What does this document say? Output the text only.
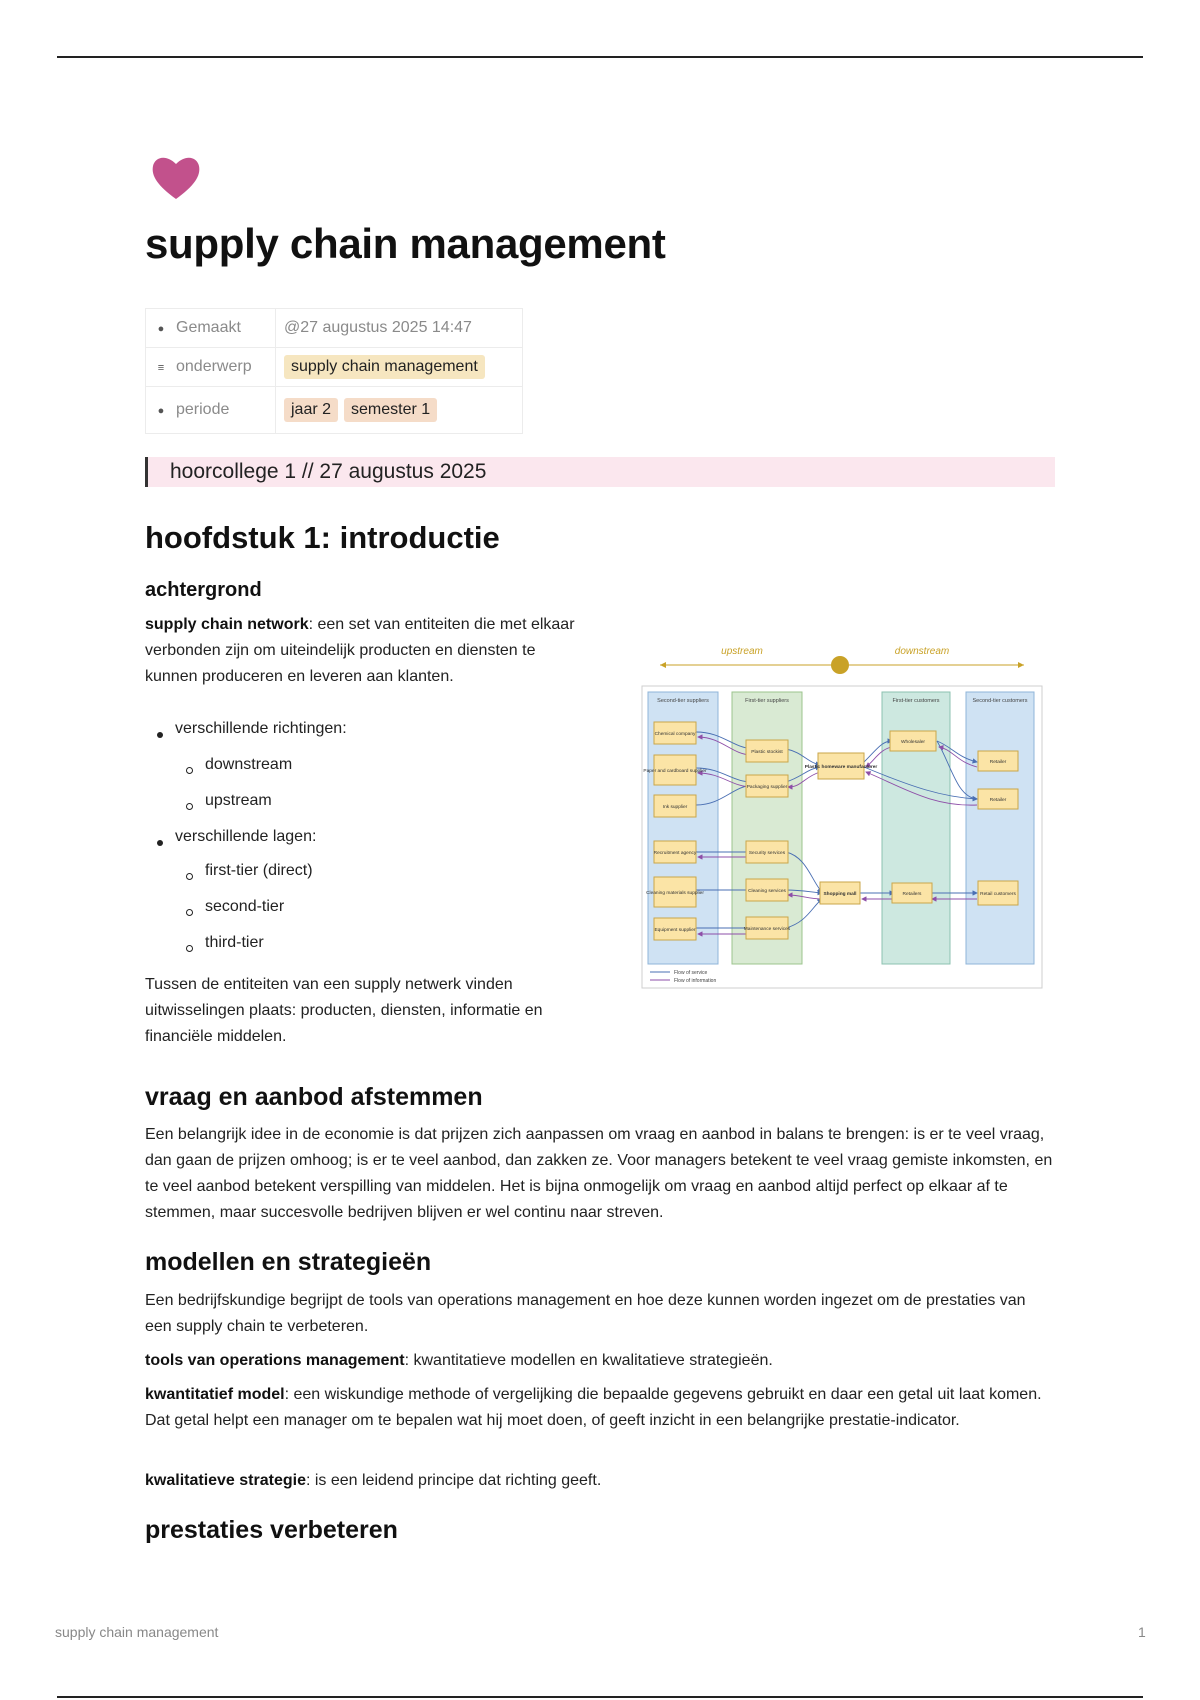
supply chain management
● Gemaakt	@27 augustus 2025 14:47
≡ onderwerp	supply chain management
● periode	jaar 2 semester 1
hoorcollege 1 // 27 augustus 2025
hoofdstuk 1: introductie
achtergrond

supply chain network: een set van entiteiten die met elkaar verbonden zijn om uiteindelijk producten en diensten te kunnen produceren en leveren aan klanten.

verschillende richtingen:
downstream
upstream
verschillende lagen:
first-tier (direct)
second-tier
third-tier

Tussen de entiteiten van een supply netwerk vinden uitwisselingen plaats: producten, diensten, informatie en financiële middelen.

upstream	downstream
Second-tier suppliers	First-tier suppliers	First-tier customers	Second-tier customers
Chemical company
Paper and cardboard supplier
Ink supplier
Recruitment agency
Cleaning materials supplier
Equipment supplier
Plastic stockist
Packaging supplier
Security services
Cleaning services
Maintenance services
Plastic homeware manufacturer
Shopping mall
Wholesaler
Retailers
Retailer
Retailer
Retail customers
Flow of service
Flow of information
vraag en aanbod afstemmen

Een belangrijk idee in de economie is dat prijzen zich aanpassen om vraag en aanbod in balans te brengen: is er te veel vraag, dan gaan de prijzen omhoog; is er te veel aanbod, dan zakken ze. Voor managers betekent te veel vraag gemiste inkomsten, en te veel aanbod betekent verspilling van middelen. Het is bijna onmogelijk om vraag en aanbod altijd perfect op elkaar af te stemmen, maar succesvolle bedrijven blijven er wel continu naar streven.

modellen en strategieën

Een bedrijfskundige begrijpt de tools van operations management en hoe deze kunnen worden ingezet om de prestaties van een supply chain te verbeteren.

tools van operations management: kwantitatieve modellen en kwalitatieve strategieën.

kwantitatief model: een wiskundige methode of vergelijking die bepaalde gegevens gebruikt en daar een getal uit laat komen. Dat getal helpt een manager om te bepalen wat hij moet doen, of geeft inzicht in een belangrijke prestatie-indicator.

kwalitatieve strategie: is een leidend principe dat richting geeft.

prestaties verbeteren
supply chain management	1
